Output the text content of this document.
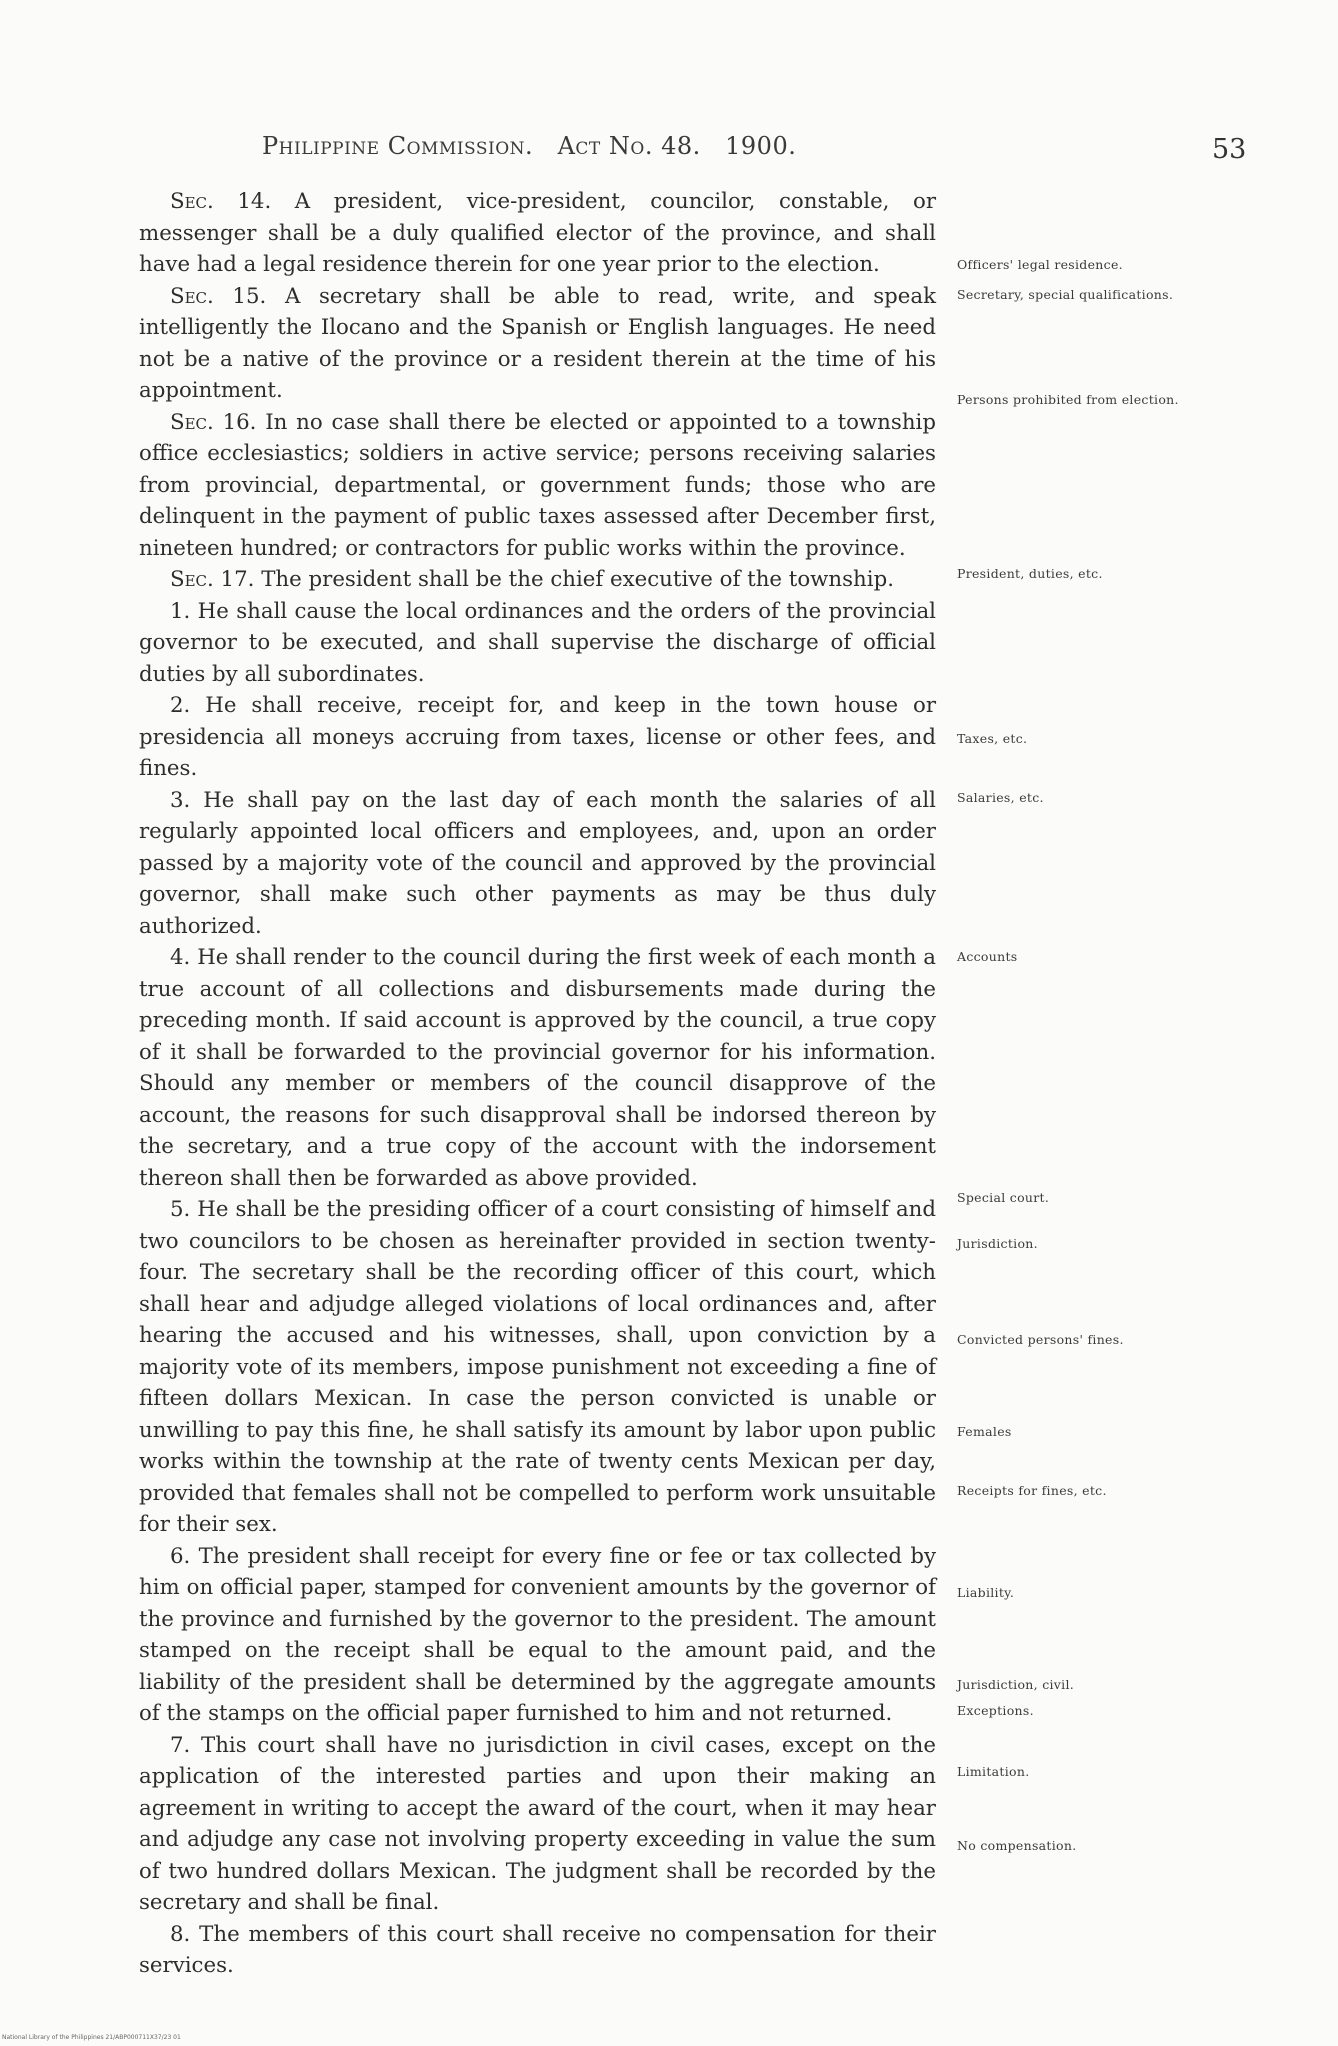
Philippine Commission. Act No. 48. 1900.	53

Sec. 14. A president, vice-president, councilor, constable, or messenger shall be a duly qualified elector of the province, and shall have had a legal residence therein for one year prior to the election.

Sec. 15. A secretary shall be able to read, write, and speak intelligently the Ilocano and the Spanish or English languages. He need not be a native of the province or a resident therein at the time of his appointment.

Sec. 16. In no case shall there be elected or appointed to a township office ecclesiastics; soldiers in active service; persons receiving salaries from provincial, departmental, or government funds; those who are delinquent in the payment of public taxes assessed after December first, nineteen hundred; or contractors for public works within the province.

Sec. 17. The president shall be the chief executive of the township.

1. He shall cause the local ordinances and the orders of the provincial governor to be executed, and shall supervise the discharge of official duties by all subordinates.

2. He shall receive, receipt for, and keep in the town house or presidencia all moneys accruing from taxes, license or other fees, and fines.

3. He shall pay on the last day of each month the salaries of all regularly appointed local officers and employees, and, upon an order passed by a majority vote of the council and approved by the provincial governor, shall make such other payments as may be thus duly authorized.

4. He shall render to the council during the first week of each month a true account of all collections and disbursements made during the preceding month. If said account is approved by the council, a true copy of it shall be forwarded to the provincial governor for his information. Should any member or members of the council disapprove of the account, the reasons for such disapproval shall be indorsed thereon by the secretary, and a true copy of the account with the indorsement thereon shall then be forwarded as above provided.

5. He shall be the presiding officer of a court consisting of himself and two councilors to be chosen as hereinafter provided in section twenty-four. The secretary shall be the recording officer of this court, which shall hear and adjudge alleged violations of local ordinances and, after hearing the accused and his witnesses, shall, upon conviction by a majority vote of its members, impose punishment not exceeding a fine of fifteen dollars Mexican. In case the person convicted is unable or unwilling to pay this fine, he shall satisfy its amount by labor upon public works within the township at the rate of twenty cents Mexican per day, provided that females shall not be compelled to perform work unsuitable for their sex.

6. The president shall receipt for every fine or fee or tax collected by him on official paper, stamped for convenient amounts by the governor of the province and furnished by the governor to the president. The amount stamped on the receipt shall be equal to the amount paid, and the liability of the president shall be determined by the aggregate amounts of the stamps on the official paper furnished to him and not returned.

7. This court shall have no jurisdiction in civil cases, except on the application of the interested parties and upon their making an agreement in writing to accept the award of the court, when it may hear and adjudge any case not involving property exceeding in value the sum of two hundred dollars Mexican. The judgment shall be recorded by the secretary and shall be final.

8. The members of this court shall receive no compensation for their services.

Officers' legal residence.
Secretary, special qualifications.
Persons prohibited from election.
President, duties, etc.
Taxes, etc.
Salaries, etc.
Accounts
Special court.
Jurisdiction.
Convicted persons' fines.
Females
Receipts for fines, etc.
Liability.
Jurisdiction, civil.
Exceptions.
Limitation.
No compensation.
National Library of the Philippines 21/ABP000711X37/23 01
